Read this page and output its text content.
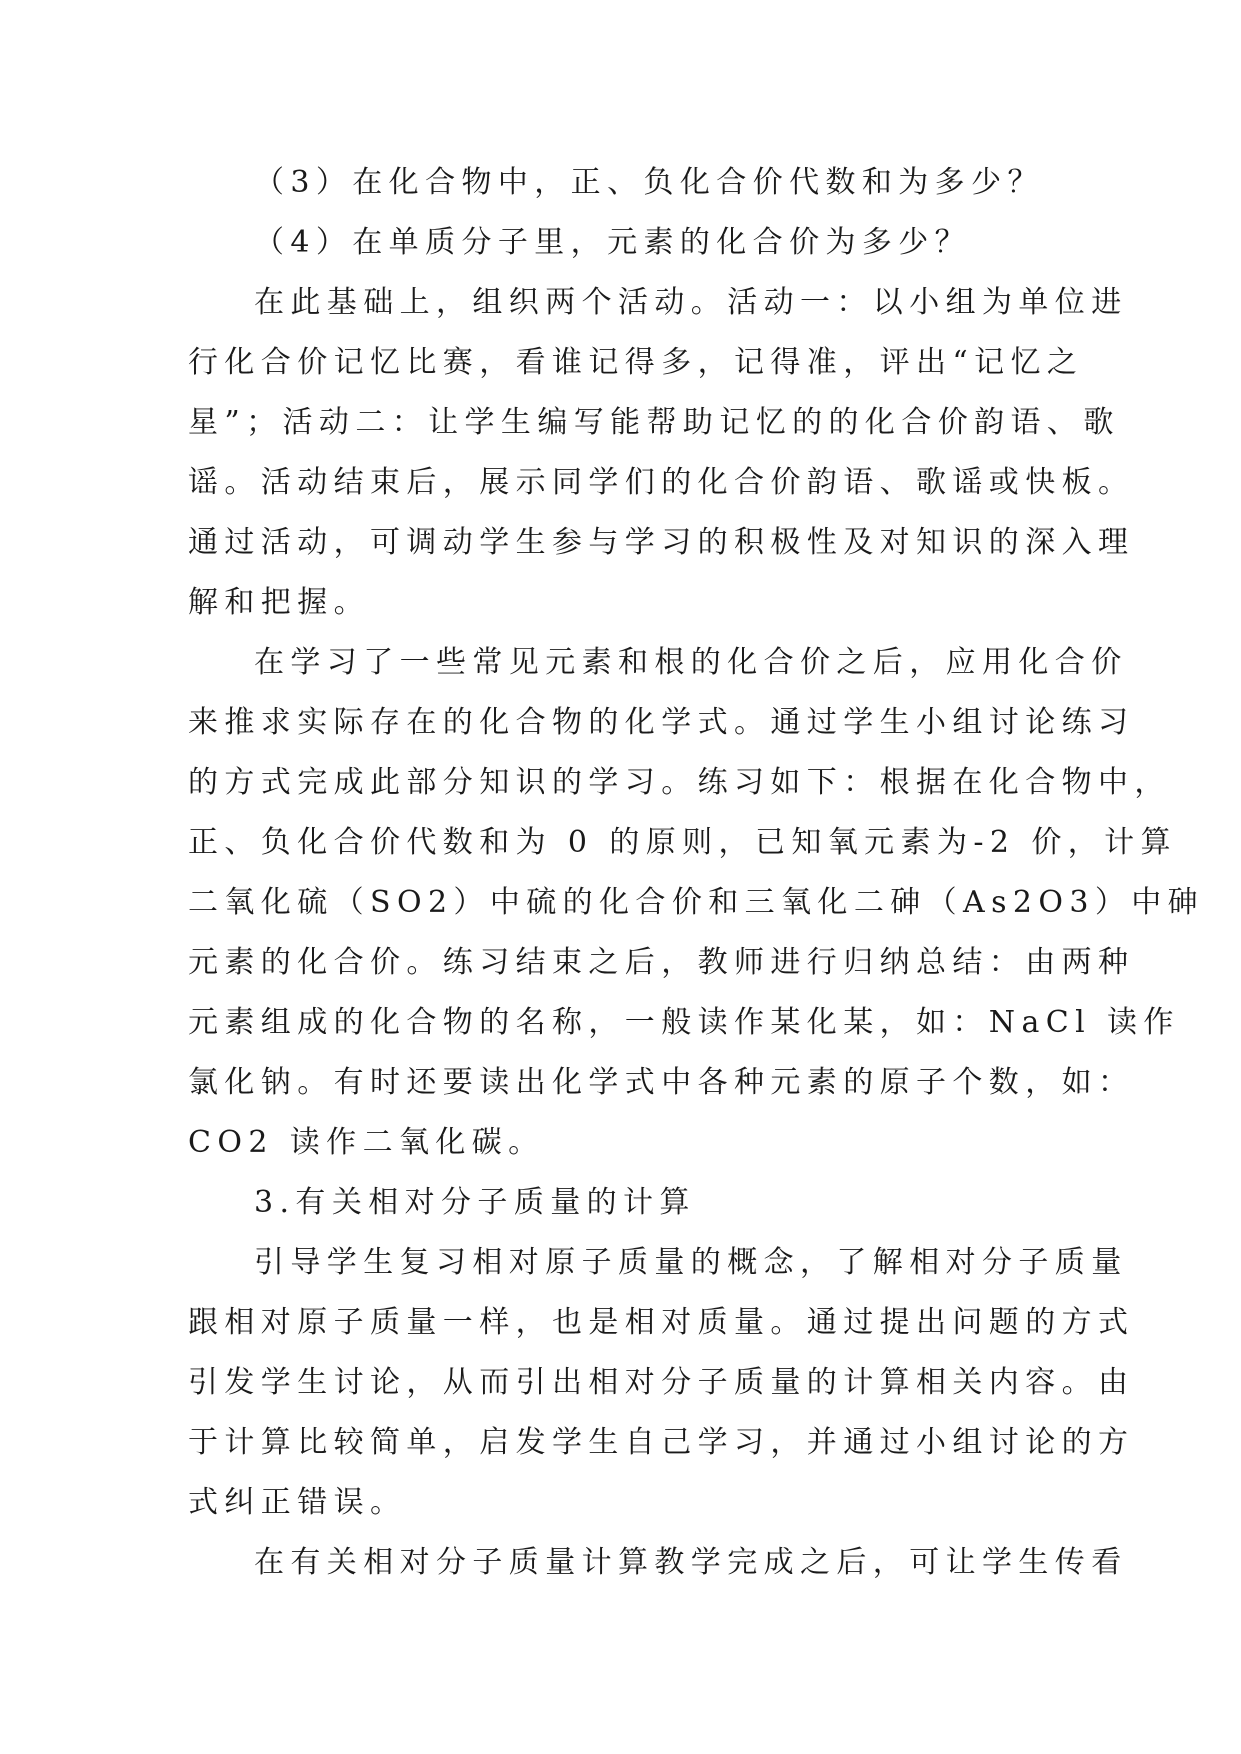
（3）在化合物中，正、负化合价代数和为多少？
（4）在单质分子里，元素的化合价为多少？
在此基础上，组织两个活动。活动一：以小组为单位进
行化合价记忆比赛，看谁记得多，记得准，评出“记忆之
星”；活动二：让学生编写能帮助记忆的的化合价韵语、歌
谣。活动结束后，展示同学们的化合价韵语、歌谣或快板。
通过活动，可调动学生参与学习的积极性及对知识的深入理
解和把握。
在学习了一些常见元素和根的化合价之后，应用化合价
来推求实际存在的化合物的化学式。通过学生小组讨论练习
的方式完成此部分知识的学习。练习如下：根据在化合物中，
正、负化合价代数和为 0 的原则，已知氧元素为-2 价，计算
二氧化硫（SO2）中硫的化合价和三氧化二砷（As2O3）中砷
元素的化合价。练习结束之后，教师进行归纳总结：由两种
元素组成的化合物的名称，一般读作某化某，如：NaCl 读作
氯化钠。有时还要读出化学式中各种元素的原子个数，如：
CO2 读作二氧化碳。
3.有关相对分子质量的计算
引导学生复习相对原子质量的概念，了解相对分子质量
跟相对原子质量一样，也是相对质量。通过提出问题的方式
引发学生讨论，从而引出相对分子质量的计算相关内容。由
于计算比较简单，启发学生自己学习，并通过小组讨论的方
式纠正错误。
在有关相对分子质量计算教学完成之后，可让学生传看
